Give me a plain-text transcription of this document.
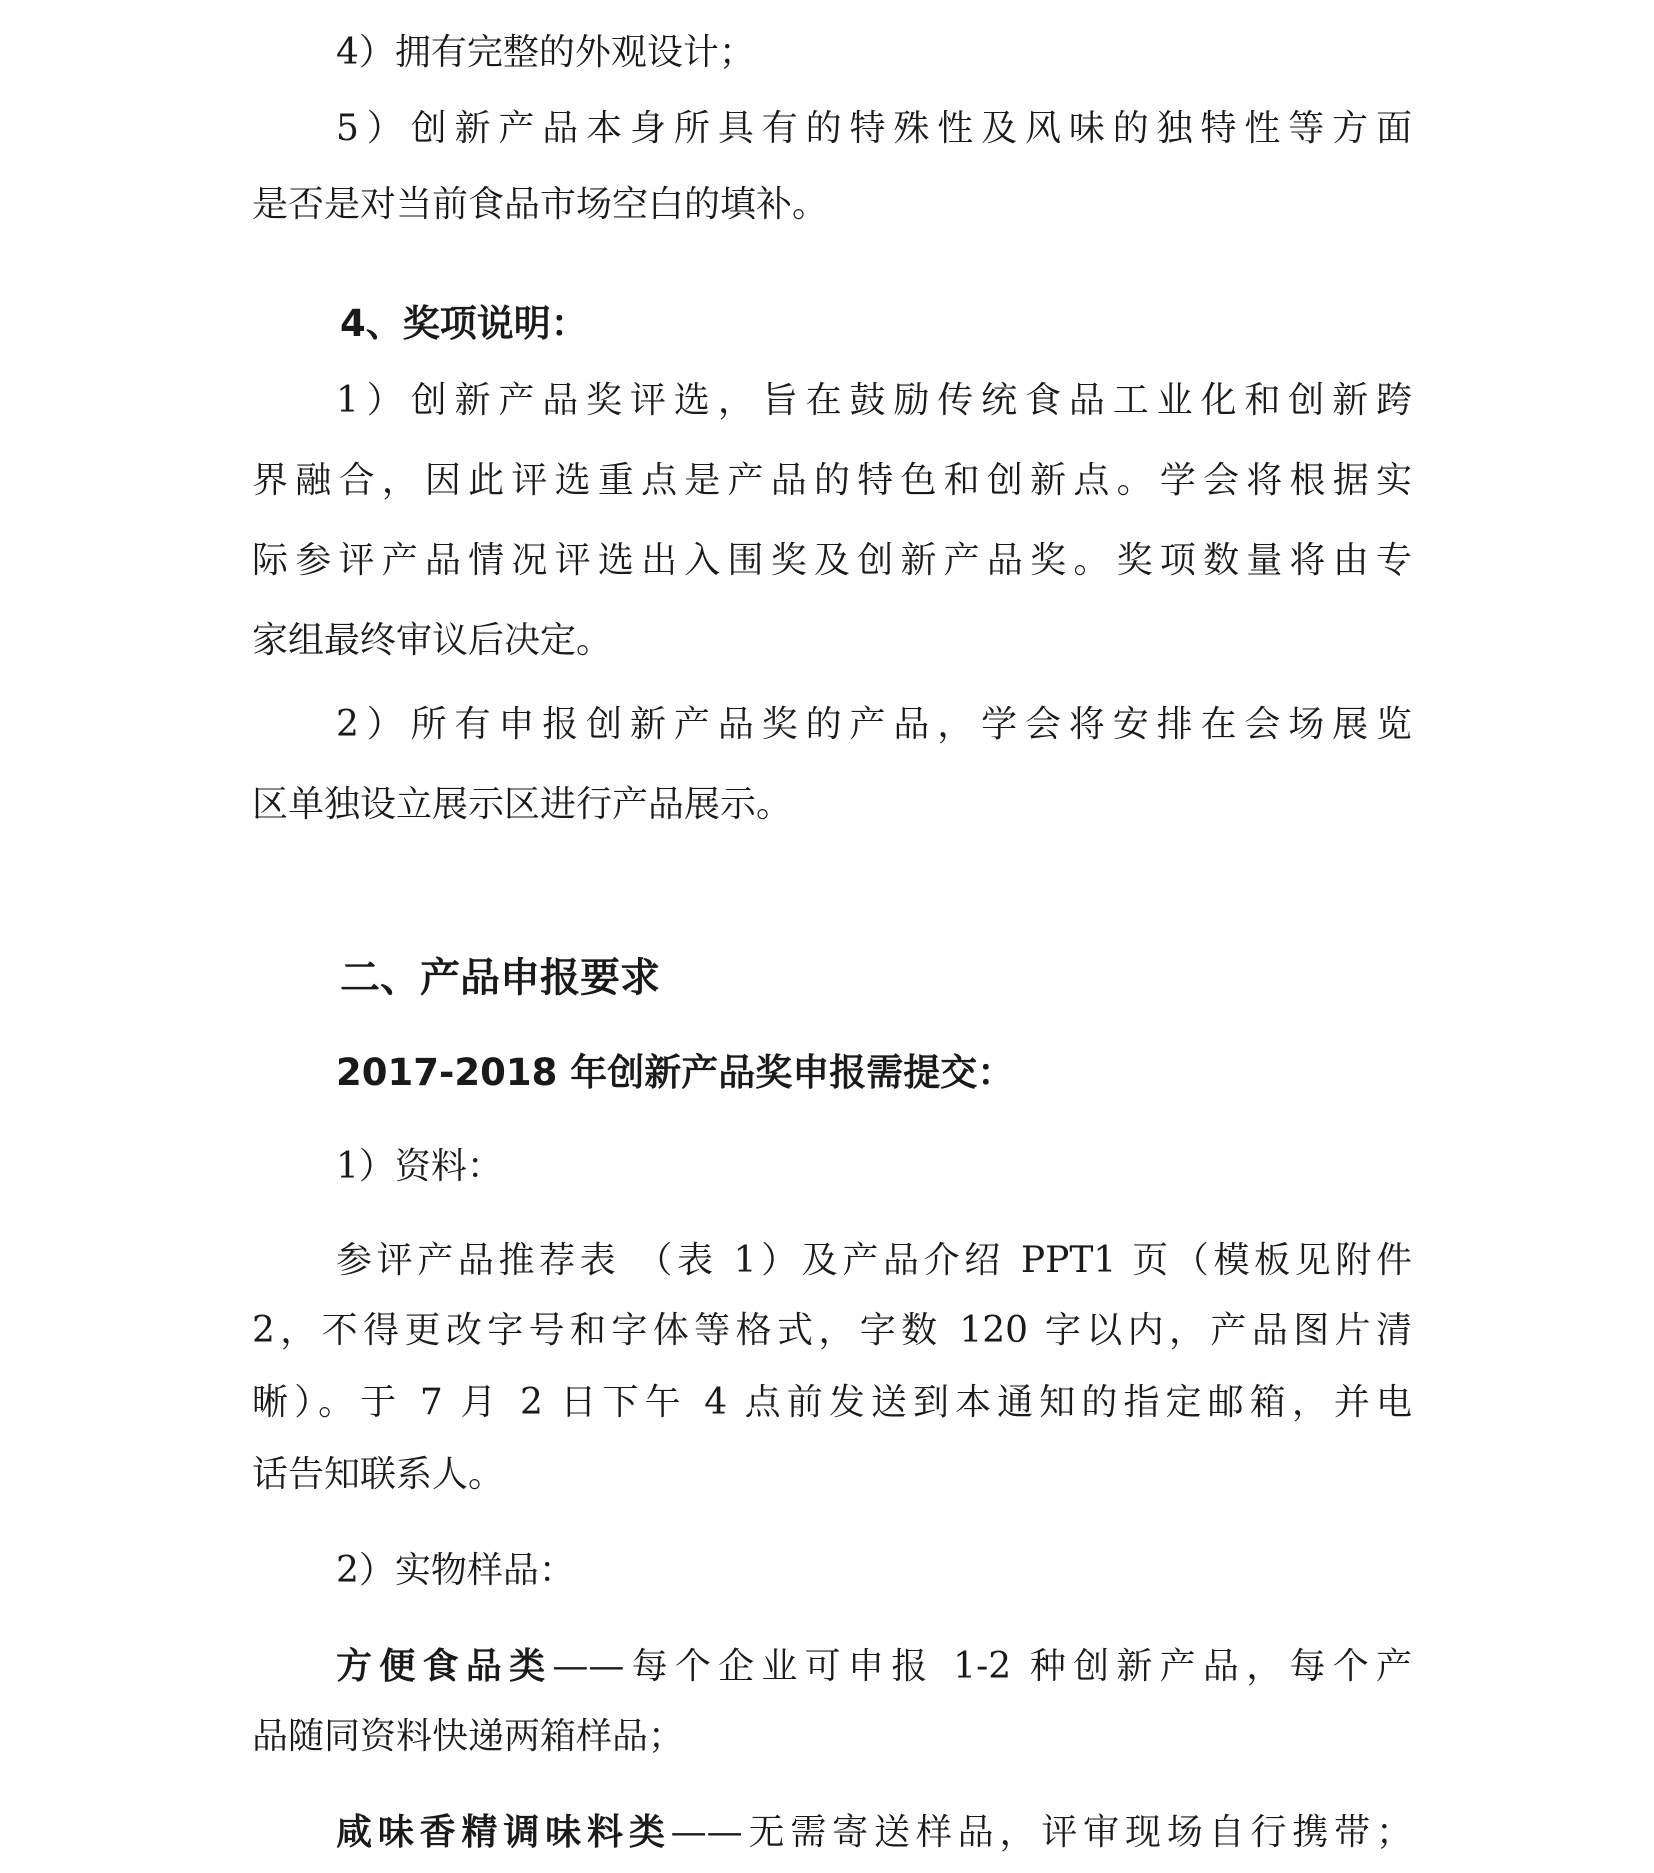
4）拥有完整的外观设计；
5）创新产品本身所具有的特殊性及风味的独特性等方面
是否是对当前食品市场空白的填补。
4、奖项说明：
1）创新产品奖评选，旨在鼓励传统食品工业化和创新跨
界融合，因此评选重点是产品的特色和创新点。学会将根据实
际参评产品情况评选出入围奖及创新产品奖。奖项数量将由专
家组最终审议后决定。
2）所有申报创新产品奖的产品，学会将安排在会场展览
区单独设立展示区进行产品展示。
二、产品申报要求
2017-2018 年创新产品奖申报需提交：
1）资料：
参评产品推荐表 （表 1）及产品介绍 PPT1 页（模板见附件
2，不得更改字号和字体等格式，字数 120 字以内，产品图片清
晰）。于 7 月 2 日下午 4 点前发送到本通知的指定邮箱，并电
话告知联系人。
2）实物样品：
方便食品类——每个企业可申报 1-2 种创新产品，每个产
品随同资料快递两箱样品；
咸味香精调味料类——无需寄送样品，评审现场自行携带；
